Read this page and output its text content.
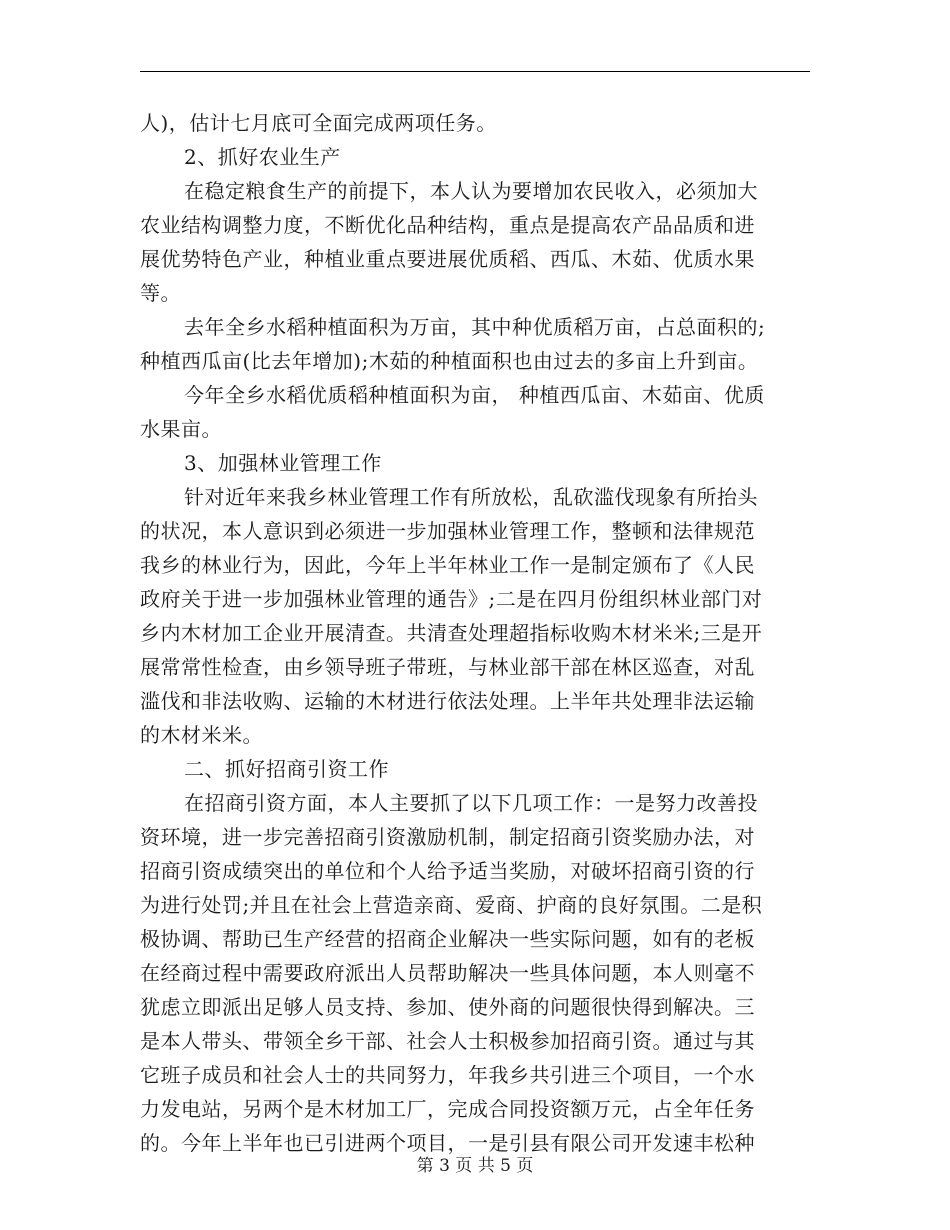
人)，估计七月底可全面完成两项任务。
2、抓好农业生产
在稳定粮食生产的前提下，本人认为要增加农民收入，必须加大
农业结构调整力度，不断优化品种结构，重点是提高农产品品质和进
展优势特色产业，种植业重点要进展优质稻、西瓜、木茹、优质水果
等。
去年全乡水稻种植面积为万亩，其中种优质稻万亩，占总面积的;
种植西瓜亩(比去年增加);木茹的种植面积也由过去的多亩上升到亩。
今年全乡水稻优质稻种植面积为亩， 种植西瓜亩、木茹亩、优质
水果亩。
3、加强林业管理工作
针对近年来我乡林业管理工作有所放松，乱砍滥伐现象有所抬头
的状况，本人意识到必须进一步加强林业管理工作，整顿和法律规范
我乡的林业行为，因此，今年上半年林业工作一是制定颁布了《人民
政府关于进一步加强林业管理的通告》;二是在四月份组织林业部门对
乡内木材加工企业开展清查。共清查处理超指标收购木材米米;三是开
展常常性检查，由乡领导班子带班，与林业部干部在林区巡查，对乱
滥伐和非法收购、运输的木材进行依法处理。上半年共处理非法运输
的木材米米。
二、抓好招商引资工作
在招商引资方面，本人主要抓了以下几项工作：一是努力改善投
资环境，进一步完善招商引资激励机制，制定招商引资奖励办法，对
招商引资成绩突出的单位和个人给予适当奖励，对破坏招商引资的行
为进行处罚;并且在社会上营造亲商、爱商、护商的良好氛围。二是积
极协调、帮助已生产经营的招商企业解决一些实际问题，如有的老板
在经商过程中需要政府派出人员帮助解决一些具体问题，本人则毫不
犹虑立即派出足够人员支持、参加、使外商的问题很快得到解决。三
是本人带头、带领全乡干部、社会人士积极参加招商引资。通过与其
它班子成员和社会人士的共同努力，年我乡共引进三个项目，一个水
力发电站，另两个是木材加工厂，完成合同投资额万元，占全年任务
的。今年上半年也已引进两个项目，一是引县有限公司开发速丰松种
第 3 页 共 5 页
